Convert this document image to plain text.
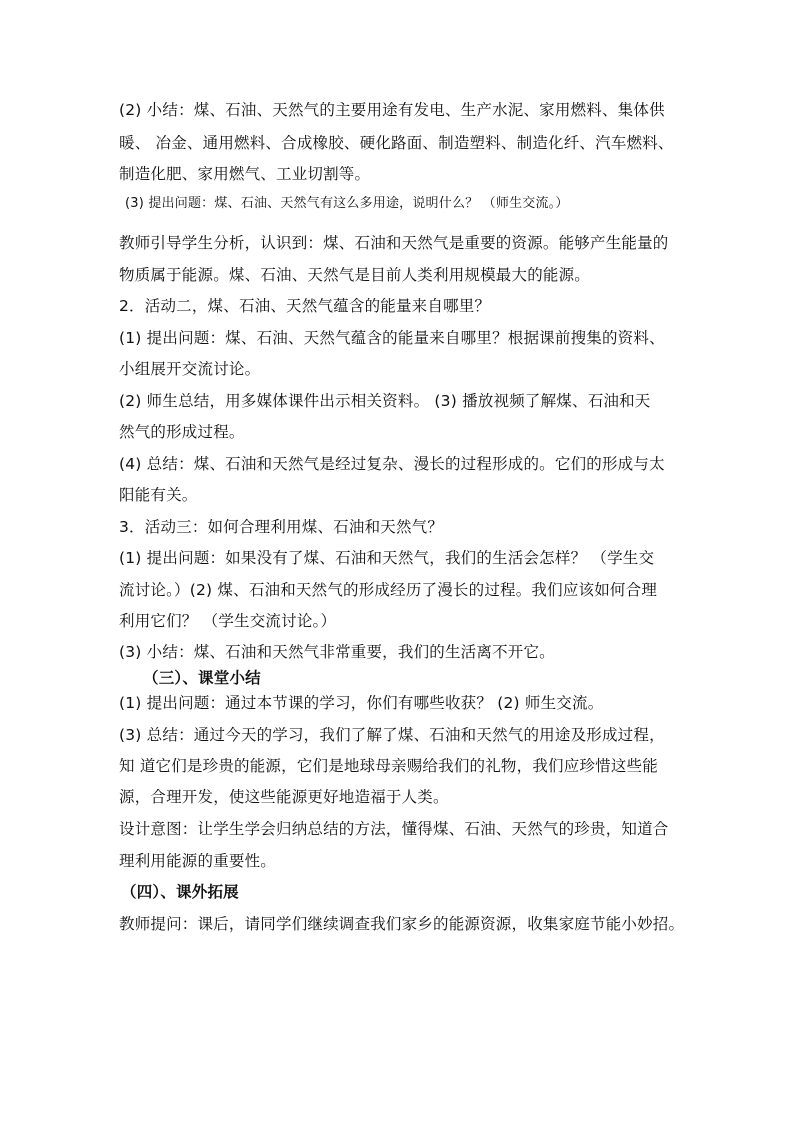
(2) 小结：煤、石油、天然气的主要用途有发电、生产水泥、家用燃料、集体供
暖、 冶金、通用燃料、合成橡胶、硬化路面、制造塑料、制造化纤、汽车燃料、
制造化肥、家用燃气、工业切割等。
(3) 提出问题：煤、石油、天然气有这么多用途，说明什么？ （师生交流。）
教师引导学生分析，认识到：煤、石油和天然气是重要的资源。能够产生能量的
物质属于能源。煤、石油、天然气是目前人类利用规模最大的能源。
2．活动二，煤、石油、天然气蕴含的能量来自哪里？
(1) 提出问题：煤、石油、天然气蕴含的能量来自哪里？根据课前搜集的资料、
小组展开交流讨论。
(2) 师生总结，用多媒体课件出示相关资料。 (3) 播放视频了解煤、石油和天
然气的形成过程。
(4) 总结：煤、石油和天然气是经过复杂、漫长的过程形成的。它们的形成与太
阳能有关。
3．活动三：如何合理利用煤、石油和天然气？
(1) 提出问题：如果没有了煤、石油和天然气，我们的生活会怎样？ （学生交
流讨论。）(2) 煤、石油和天然气的形成经历了漫长的过程。我们应该如何合理
利用它们？ （学生交流讨论。）
(3) 小结：煤、石油和天然气非常重要，我们的生活离不开它。
（三）、课堂小结
(1) 提出问题：通过本节课的学习，你们有哪些收获？ (2) 师生交流。
(3) 总结：通过今天的学习，我们了解了煤、石油和天然气的用途及形成过程，
知 道它们是珍贵的能源，它们是地球母亲赐给我们的礼物，我们应珍惜这些能
源，合理开发，使这些能源更好地造福于人类。
设计意图：让学生学会归纳总结的方法，懂得煤、石油、天然气的珍贵，知道合
理利用能源的重要性。
（四）、课外拓展
教师提问：课后，请同学们继续调查我们家乡的能源资源，收集家庭节能小妙招。
